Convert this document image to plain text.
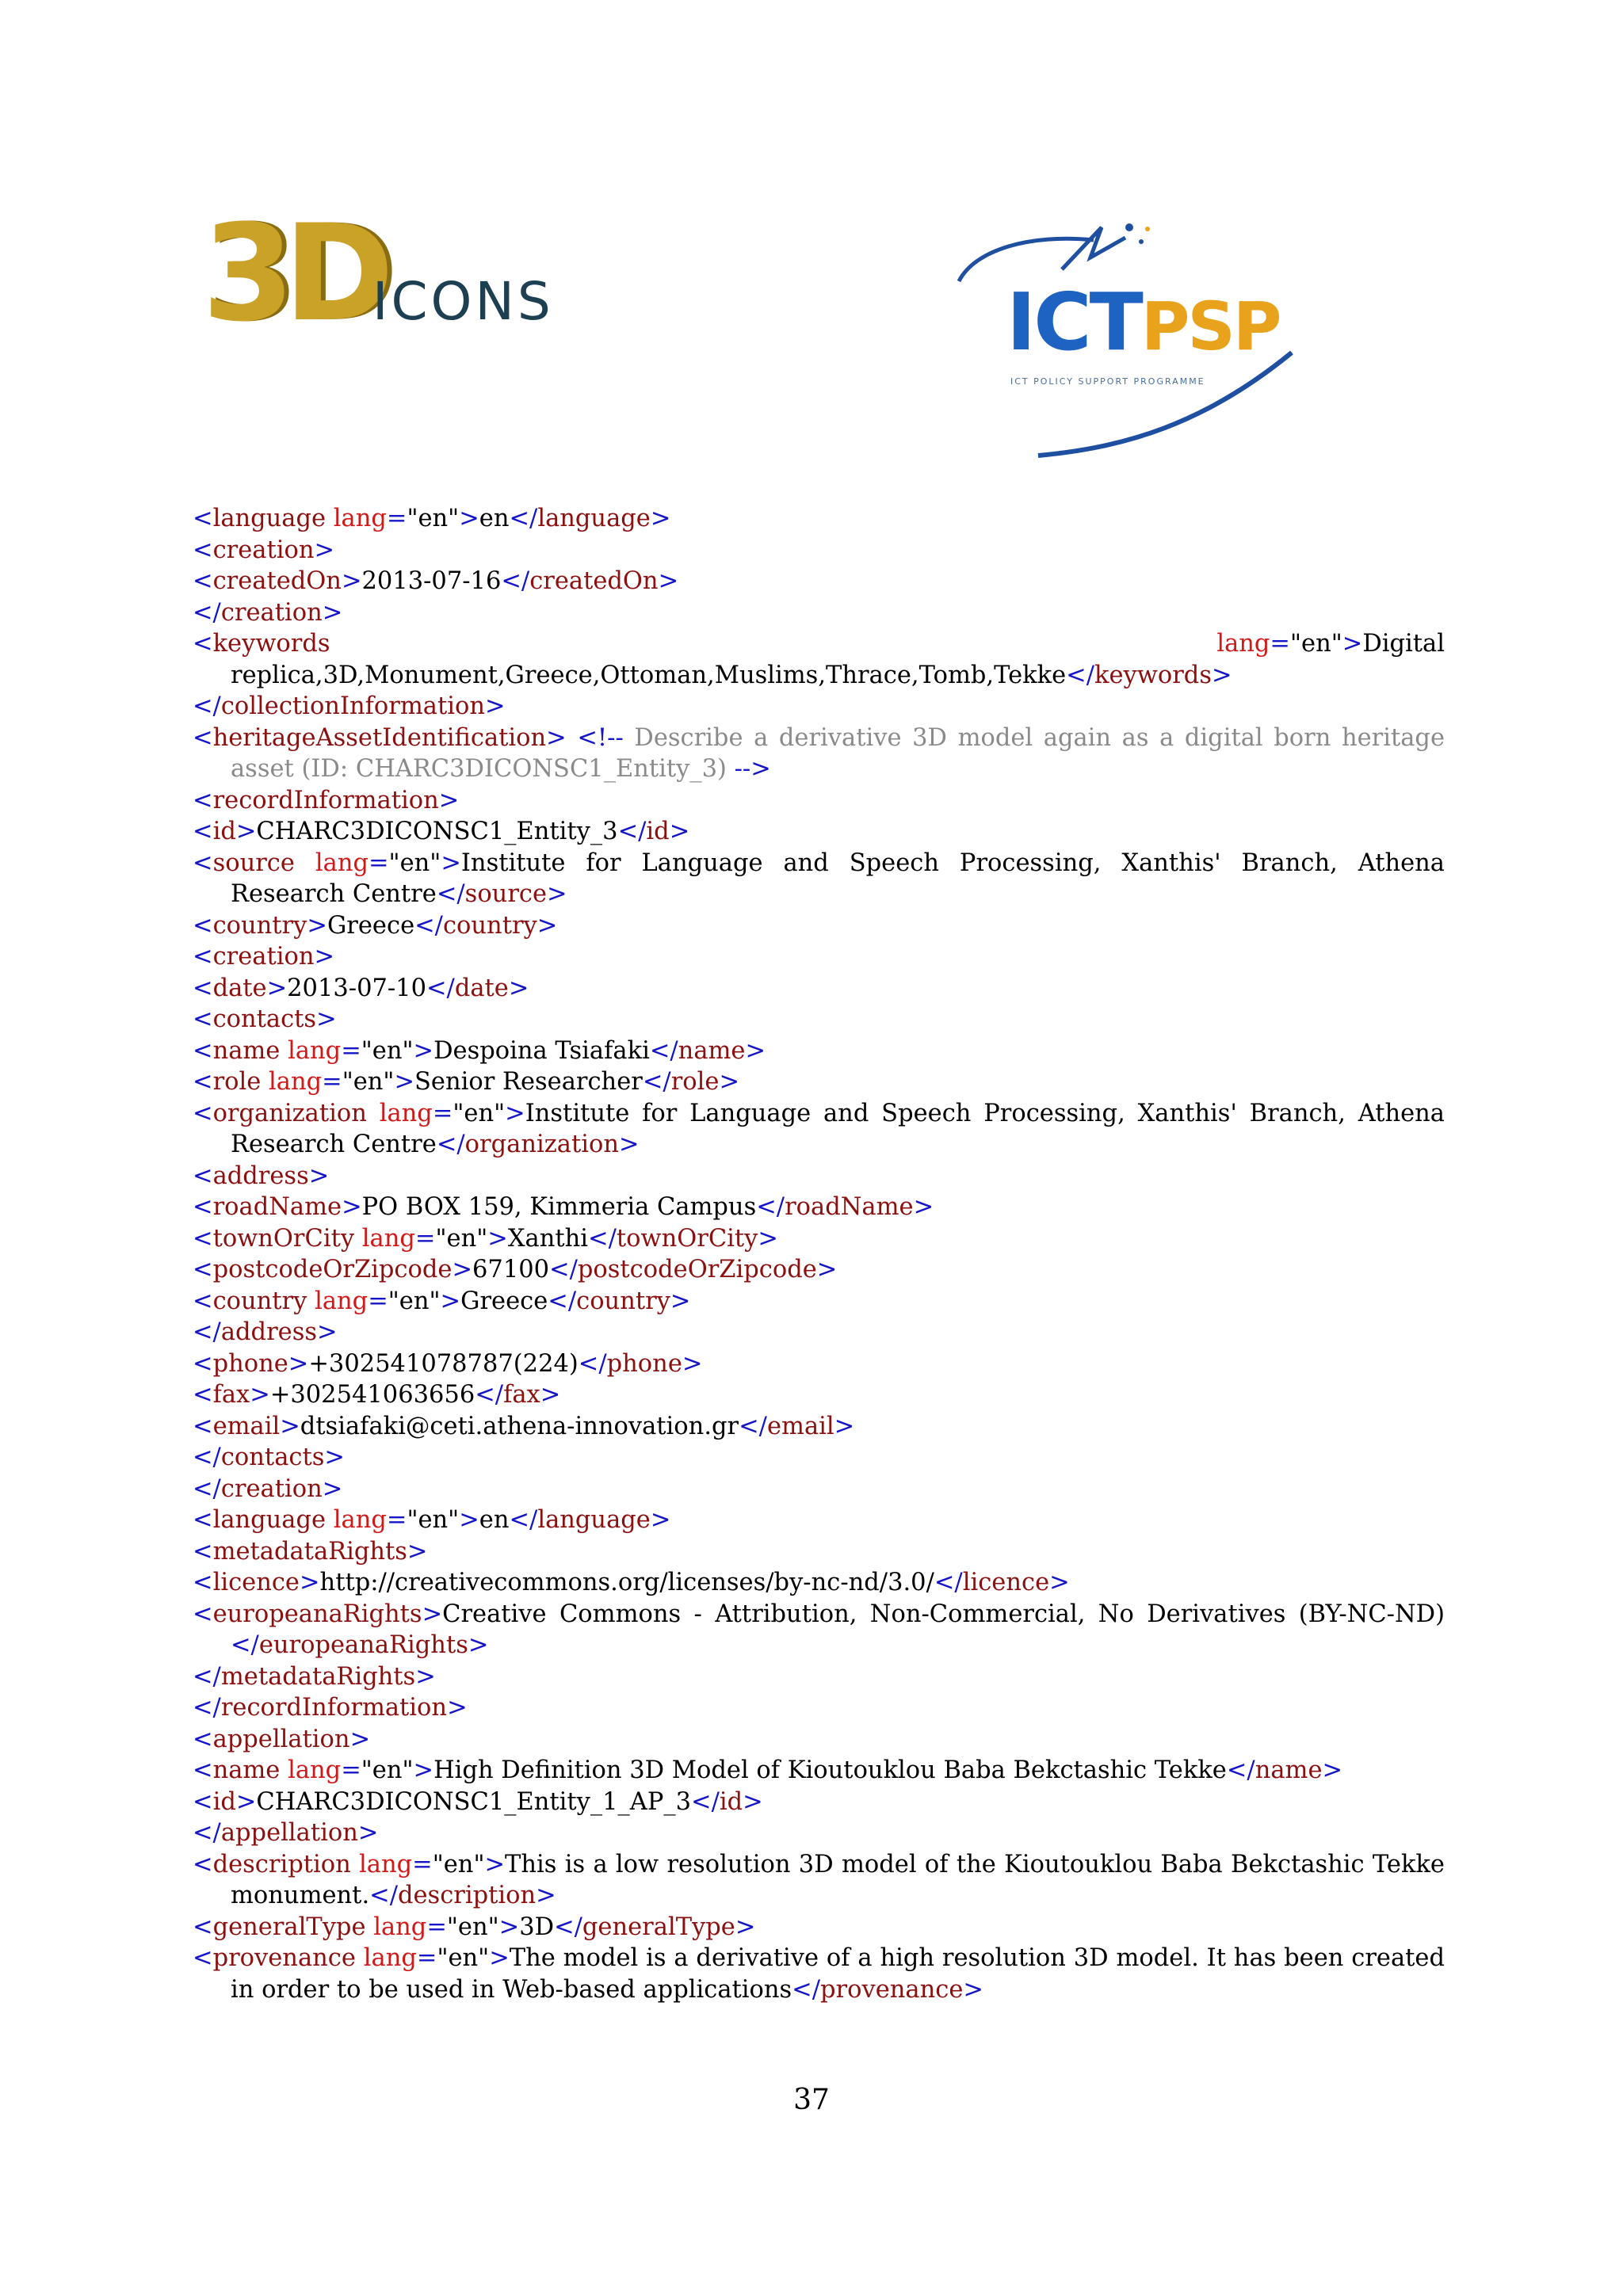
3D
ICONS	ICTPSP
ICT POLICY SUPPORT PROGRAMME
<language lang="en">en</language>
<creation>
<createdOn>2013-07-16</createdOn>
</creation>
<keywords	lang="en">Digital
replica,3D,Monument,Greece,Ottoman,Muslims,Thrace,Tomb,Tekke</keywords>
</collectionInformation>
<heritageAssetIdentification> <!-- Describe a derivative 3D model again as a digital born heritage asset (ID: CHARC3DICONSC1_Entity_3) -->
<recordInformation>
<id>CHARC3DICONSC1_Entity_3</id>
<source lang="en">Institute for Language and Speech Processing, Xanthis' Branch, Athena Research Centre</source>
<country>Greece</country>
<creation>
<date>2013-07-10</date>
<contacts>
<name lang="en">Despoina Tsiafaki</name>
<role lang="en">Senior Researcher</role>
<organization lang="en">Institute for Language and Speech Processing, Xanthis' Branch, Athena Research Centre</organization>
<address>
<roadName>PO BOX 159, Kimmeria Campus</roadName>
<townOrCity lang="en">Xanthi</townOrCity>
<postcodeOrZipcode>67100</postcodeOrZipcode>
<country lang="en">Greece</country>
</address>
<phone>+302541078787(224)</phone>
<fax>+302541063656</fax>
<email>dtsiafaki@ceti.athena-innovation.gr</email>
</contacts>
</creation>
<language lang="en">en</language>
<metadataRights>
<licence>http://creativecommons.org/licenses/by-nc-nd/3.0/</licence>
<europeanaRights>Creative Commons - Attribution, Non-Commercial, No Derivatives (BY-NC-ND)</europeanaRights>
</metadataRights>
</recordInformation>
<appellation>
<name lang="en">High Definition 3D Model of Kioutouklou Baba Bekctashic Tekke</name>
<id>CHARC3DICONSC1_Entity_1_AP_3</id>
</appellation>
<description lang="en">This is a low resolution 3D model of the Kioutouklou Baba Bekctashic Tekke monument.</description>
<generalType lang="en">3D</generalType>
<provenance lang="en">The model is a derivative of a high resolution 3D model. It has been created in order to be used in Web-based applications</provenance>
37
